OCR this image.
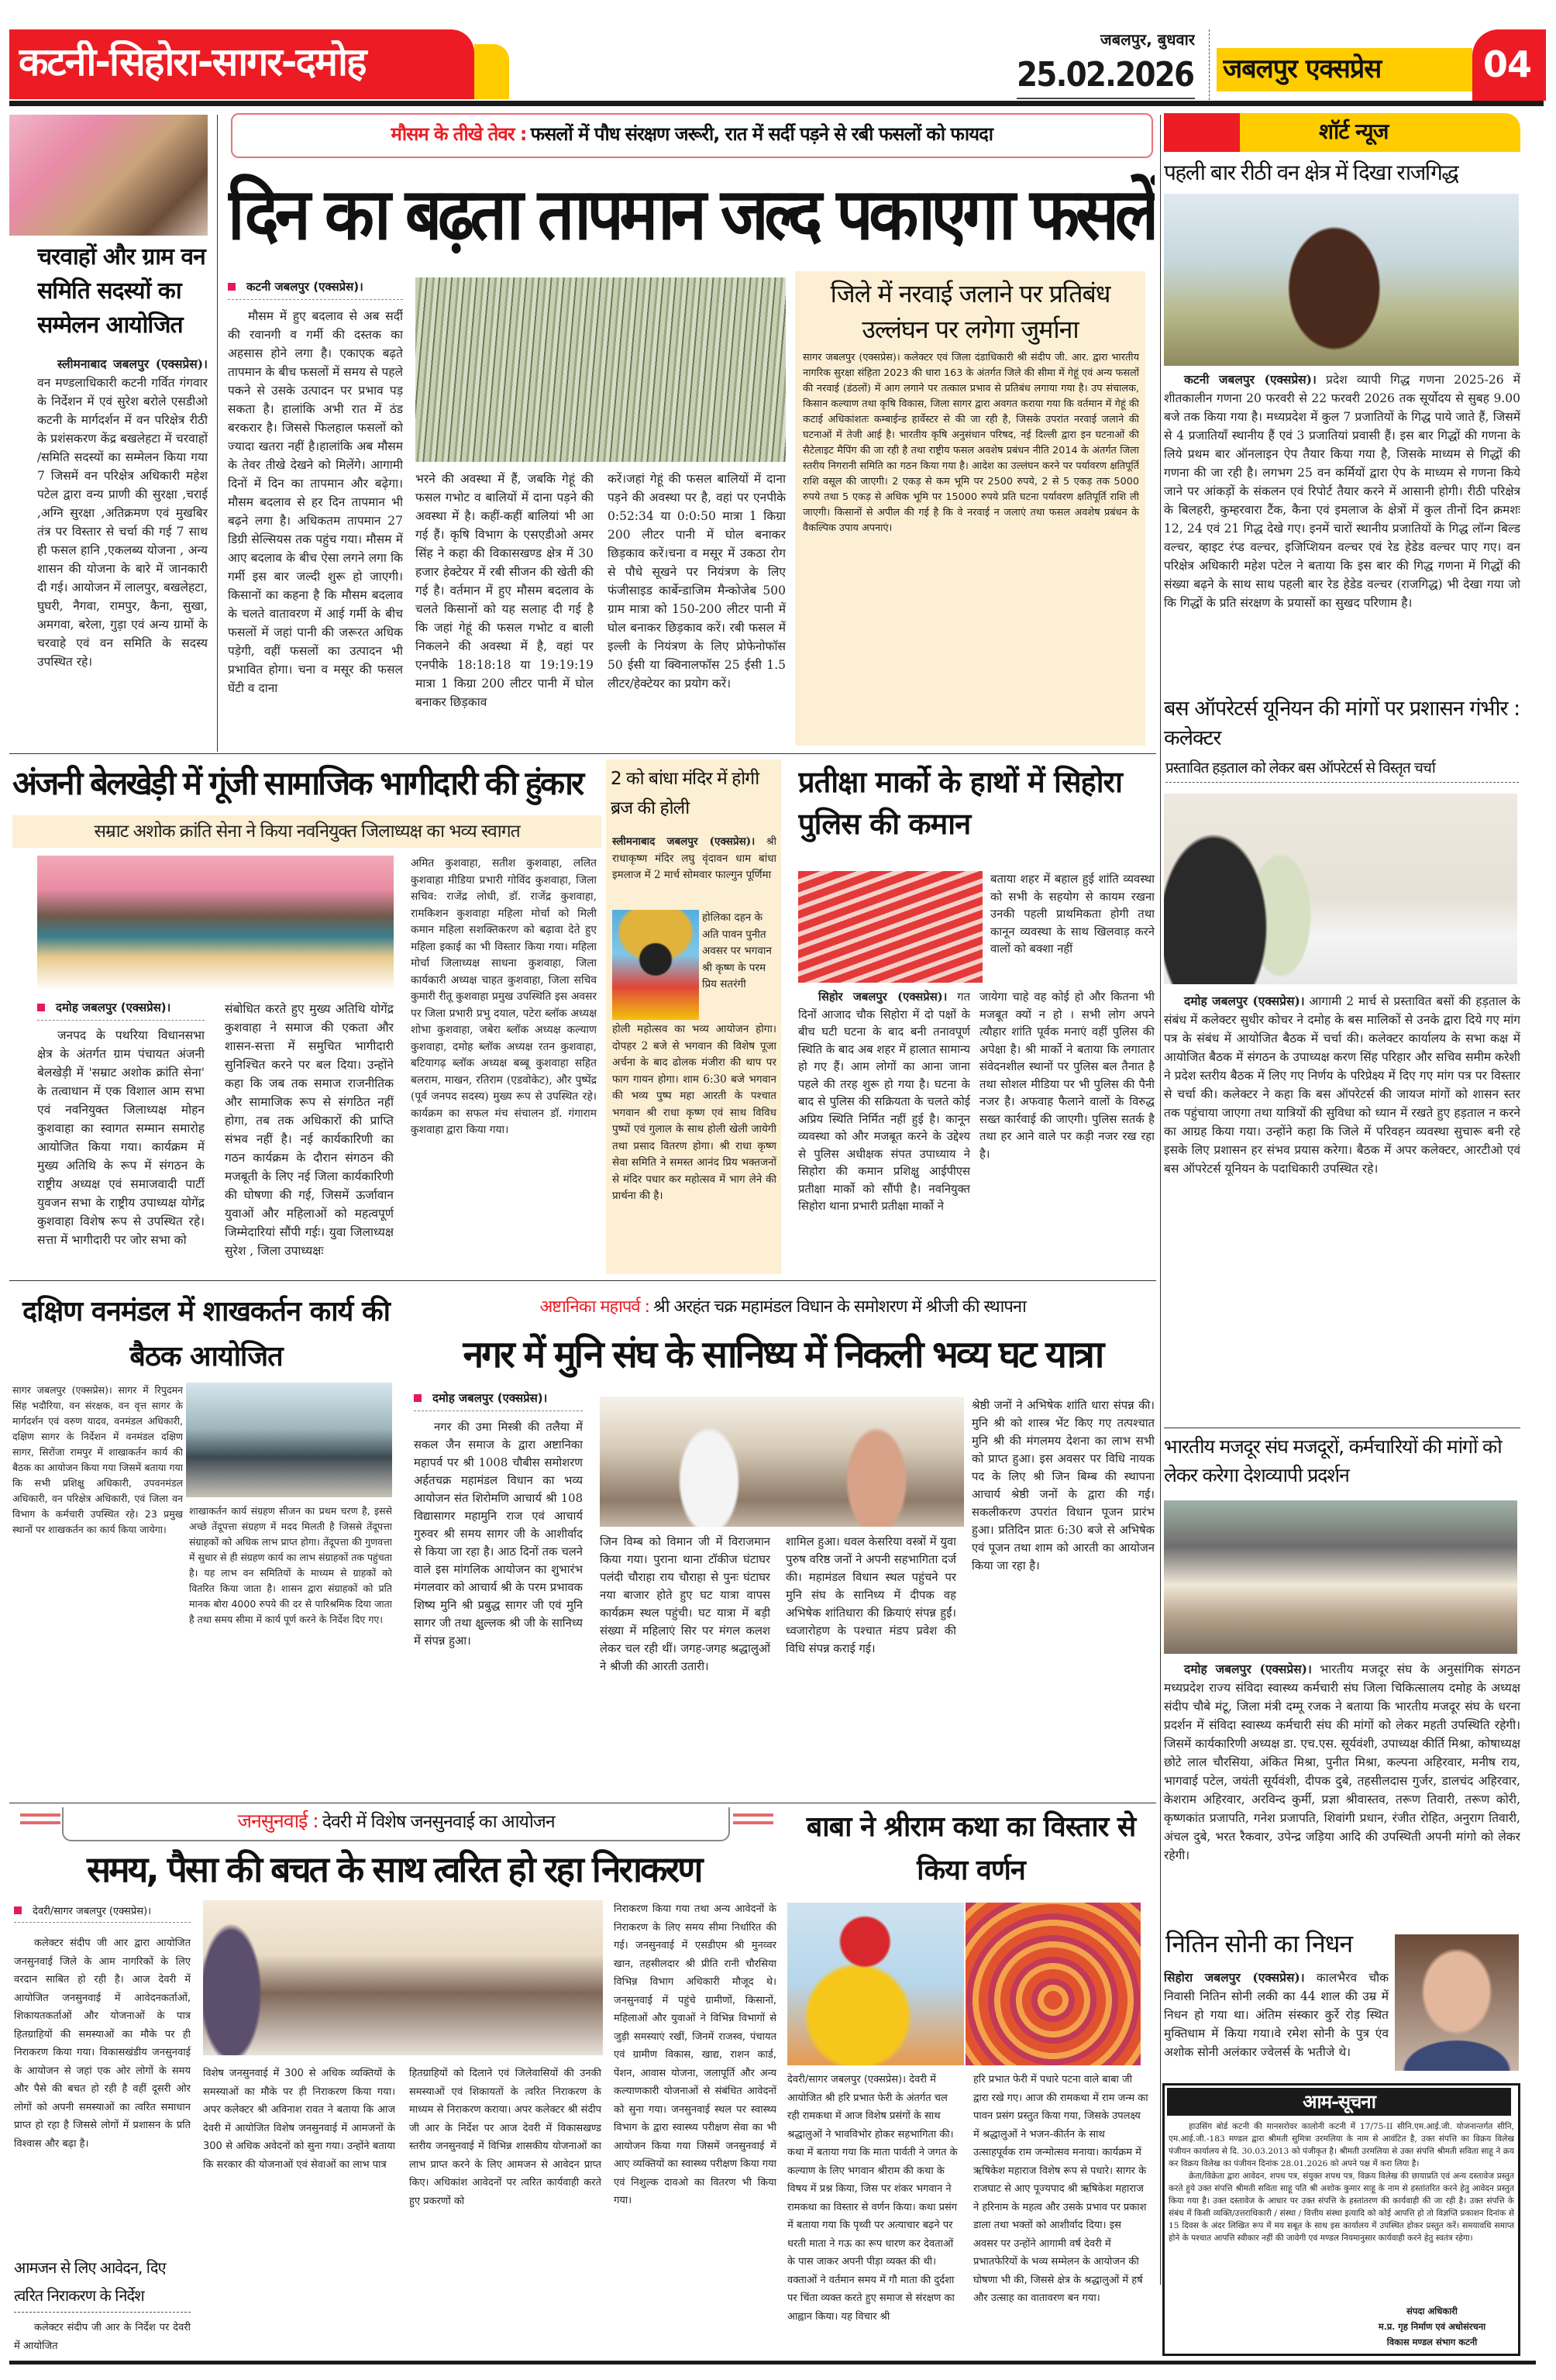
कटनी-सिहोरा-सागर-दमोह	जबलपुर, बुधवार
25.02.2026 जबलपुर एक्सप्रेस	04
चरवाहों और ग्राम वन समिति सदस्यों का सम्मेलन आयोजित

स्लीमनाबाद जबलपुर (एक्सप्रेस)। वन मण्डलाधिकारी कटनी गर्वित गंगवार के निर्देशन में एवं सुरेश बरोले एसडीओ कटनी के मार्गदर्शन में वन परिक्षेत्र रीठी के प्रशंसकरण केंद्र बखलेहटा में चरवाहों /समिति सदस्यों का सम्मेलन किया गया 7 जिसमें वन परिक्षेत्र अधिकारी महेश पटेल द्वारा वन्य प्राणी की सुरक्षा ,चराई ,अग्नि सुरक्षा ,अतिक्रमण एवं मुखबिर तंत्र पर विस्तार से चर्चा की गई 7 साथ ही फसल हानि ,एकलब्य योजना , अन्य शासन की योजना के बारे में जानकारी दी गई। आयोजन में लालपुर, बखलेहटा, घुघरी, नैगवा, रामपुर, कैना, सुखा, अमगवा, बरेला, गुड़ा एवं अन्य ग्रामों के चरवाहे एवं वन समिति के सदस्य उपस्थित रहे।

मौसम के तीखे तेवर : फसलों में पौध संरक्षण जरूरी, रात में सर्दी पड़ने से रबी फसलों को फायदा
दिन का बढ़ता तापमान जल्द पकाएगा फसलें
कटनी जबलपुर (एक्सप्रेस)।

मौसम में हुए बदलाव से अब सर्दी की रवानगी व गर्मी की दस्तक का अहसास होने लगा है। एकाएक बढ़ते तापमान के बीच फसलों में समय से पहले पकने से उसके उत्पादन पर प्रभाव पड़ सकता है। हालांकि अभी रात में ठंड बरकरार है। जिससे फिलहाल फसलों को ज्यादा खतरा नहीं है।हालांकि अब मौसम के तेवर तीखे देखने को मिलेंगे। आगामी दिनों में दिन का तापमान और बढ़ेगा।मौसम बदलाव से हर दिन तापमान भी बढ़ने लगा है। अधिकतम तापमान 27 डिग्री सेल्सियस तक पहुंच गया। मौसम में आए बदलाव के बीच ऐसा लगने लगा कि गर्मी इस बार जल्दी शुरू हो जाएगी। किसानों का कहना है कि मौसम बदलाव के चलते वातावरण में आई गर्मी के बीच फसलों में जहां पानी की जरूरत अधिक पड़ेगी, वहीं फसलों का उत्पादन भी प्रभावित होगा। चना व मसूर की फसल घेंटी व दाना

भरने की अवस्था में हैं, जबकि गेहूं की फसल गभोट व बालियों में दाना पड़ने की अवस्था में है। कहीं-कहीं बालियां भी आ गई हैं। कृषि विभाग के एसएडीओ अमर सिंह ने कहा की विकासखण्ड क्षेत्र में 30 हजार हेक्टेयर में रबी सीजन की खेती की गई है। वर्तमान में हुए मौसम बदलाव के चलते किसानों को यह सलाह दी गई है कि जहां गेहूं की फसल गभोट व बाली निकलने की अवस्था में है, वहां पर एनपीके 18:18:18 या 19:19:19 मात्रा 1 किग्रा 200 लीटर पानी में घोल बनाकर छिड़काव

करें।जहां गेहूं की फसल बालियों में दाना पड़ने की अवस्था पर है, वहां पर एनपीके 0:52:34 या 0:0:50 मात्रा 1 किग्रा 200 लीटर पानी में घोल बनाकर छिड़काव करें।चना व मसूर में उकठा रोग से पौधे सूखने पर नियंत्रण के लिए फंजीसाइड कार्बेन्डाजिम मैन्कोजेब 500 ग्राम मात्रा को 150-200 लीटर पानी में घोल बनाकर छिड़काव करें। रबी फसल में इल्ली के नियंत्रण के लिए प्रोफेनोफॉस 50 ईसी या क्विनालफॉस 25 ईसी 1.5 लीटर/हेक्टेयर का प्रयोग करें।

जिले में नरवाई जलाने पर प्रतिबंध उल्लंघन पर लगेगा जुर्माना

सागर जबलपुर (एक्सप्रेस)। कलेक्टर एवं जिला दंडाधिकारी श्री संदीप जी. आर. द्वारा भारतीय नागरिक सुरक्षा संहिता 2023 की धारा 163 के अंतर्गत जिले की सीमा में गेहूं एवं अन्य फसलों की नरवाई (डंठलों) में आग लगाने पर तत्काल प्रभाव से प्रतिबंध लगाया गया है। उप संचालक, किसान कल्याण तथा कृषि विकास, जिला सागर द्वारा अवगत कराया गया कि वर्तमान में गेहूं की कटाई अधिकांशतः कम्बाईन्ड हार्वेस्टर से की जा रही है, जिसके उपरांत नरवाई जलाने की घटनाओं में तेजी आई है। भारतीय कृषि अनुसंधान परिषद, नई दिल्ली द्वारा इन घटनाओं की सैटेलाइट मैपिंग की जा रही है तथा राष्ट्रीय फसल अवशेष प्रबंधन नीति 2014 के अंतर्गत जिला स्तरीय निगरानी समिति का गठन किया गया है। आदेश का उल्लंघन करने पर पर्यावरण क्षतिपूर्ति राशि वसूल की जाएगी। 2 एकड़ से कम भूमि पर 2500 रुपये, 2 से 5 एकड़ तक 5000 रुपये तथा 5 एकड़ से अधिक भूमि पर 15000 रुपये प्रति घटना पर्यावरण क्षतिपूर्ति राशि ली जाएगी। किसानों से अपील की गई है कि वे नरवाई न जलाएं तथा फसल अवशेष प्रबंधन के वैकल्पिक उपाय अपनाएं।

शॉर्ट न्यूज
पहली बार रीठी वन क्षेत्र में दिखा राजगिद्ध

कटनी जबलपुर (एक्सप्रेस)। प्रदेश व्यापी गिद्ध गणना 2025-26 में शीतकालीन गणना 20 फरवरी से 22 फरवरी 2026 तक सूर्योदय से सुबह 9.00 बजे तक किया गया है। मध्यप्रदेश में कुल 7 प्रजातियों के गिद्ध पाये जाते हैं, जिसमें से 4 प्रजातियाँ स्थानीय हैं एवं 3 प्रजातियां प्रवासी हैं। इस बार गिद्धों की गणना के लिये प्रथम बार ऑनलाइन ऐप तैयार किया गया है, जिसके माध्यम से गिद्धों की गणना की जा रही है। लगभग 25 वन कर्मियों द्वारा ऐप के माध्यम से गणना किये जाने पर आंकड़ों के संकलन एवं रिपोर्ट तैयार करने में आसानी होगी। रीठी परिक्षेत्र के बिलहरी, कुम्हरवारा टैंक, कैना एवं इमलाज के क्षेत्रों में कुल तीनों दिन क्रमशः 12, 24 एवं 21 गिद्ध देखे गए। इनमें चारों स्थानीय प्रजातियों के गिद्ध लॉन्ग बिल्ड वल्चर, व्हाइट रंप्ड वल्चर, इजिप्शियन वल्चर एवं रेड हेडेड वल्चर पाए गए। वन परिक्षेत्र अधिकारी महेश पटेल ने बताया कि इस बार की गिद्ध गणना में गिद्धों की संख्या बढ़ने के साथ साथ पहली बार रेड हेडेड वल्चर (राजगिद्ध) भी देखा गया जो कि गिद्धों के प्रति संरक्षण के प्रयासों का सुखद परिणाम है।

बस ऑपरेटर्स यूनियन की मांगों पर प्रशासन गंभीर : कलेक्टर
प्रस्तावित हड़ताल को लेकर बस ऑपरेटर्स से विस्तृत चर्चा

दमोह जबलपुर (एक्सप्रेस)। आगामी 2 मार्च से प्रस्तावित बसों की हड़ताल के संबंध में कलेक्टर सुधीर कोचर ने दमोह के बस मालिकों से उनके द्वारा दिये गए मांग पत्र के संबंध में आयोजित बैठक में चर्चा की। कलेक्टर कार्यालय के सभा कक्ष में आयोजित बैठक में संगठन के उपाध्यक्ष करण सिंह परिहार और सचिव समीम करेशी ने प्रदेश स्तरीय बैठक में लिए गए निर्णय के परिप्रेक्ष्य में दिए गए मांग पत्र पर विस्तार से चर्चा की। कलेक्टर ने कहा कि बस ऑपरेटर्स की जायज मांगों को शासन स्तर तक पहुंचाया जाएगा तथा यात्रियों की सुविधा को ध्यान में रखते हुए हड़ताल न करने का आग्रह किया गया। उन्होंने कहा कि जिले में परिवहन व्यवस्था सुचारू बनी रहे इसके लिए प्रशासन हर संभव प्रयास करेगा। बैठक में अपर कलेक्टर, आरटीओ एवं बस ऑपरेटर्स यूनियन के पदाधिकारी उपस्थित रहे।

भारतीय मजदूर संघ मजदूरों, कर्मचारियों की मांगों को लेकर करेगा देशव्यापी प्रदर्शन

दमोह जबलपुर (एक्सप्रेस)। भारतीय मजदूर संघ के अनुसांगिक संगठन मध्यप्रदेश राज्य संविदा स्वास्थ्य कर्मचारी संघ जिला चिकित्सालय दमोह के अध्यक्ष संदीप चौबे मंटू, जिला मंत्री दम्मू रजक ने बताया कि भारतीय मजदूर संघ के धरना प्रदर्शन में संविदा स्वास्थ्य कर्मचारी संघ की मांगों को लेकर महती उपस्थिति रहेगी। जिसमें कार्यकारिणी अध्यक्ष डा. एच.एस. सूर्यवंशी, उपाध्यक्ष कीर्ति मिश्रा, कोषाध्यक्ष छोटे लाल चौरसिया, अंकित मिश्रा, पुनीत मिश्रा, कल्पना अहिरवार, मनीष राय, भागवाई पटेल, जयंती सूर्यवंशी, दीपक दुबे, तहसीलदास गुर्जर, डालचंद अहिरवार, केशराम अहिरवार, अरविन्द कुर्मी, प्रज्ञा श्रीवास्तव, तरूण तिवारी, तरूण कोरी, कृष्णकांत प्रजापति, गनेश प्रजापति, शिवांगी प्रधान, रंजीत रोहित, अनुराग तिवारी, अंचल दुबे, भरत रैकवार, उपेन्द्र जड़िया आदि की उपस्थिती अपनी मांगो को लेकर रहेगी।

नितिन सोनी का निधन

सिहोरा जबलपुर (एक्सप्रेस)। कालभैरव चौक निवासी नितिन सोनी लकी का 44 शाल की उम्र में निधन हो गया था। अंतिम संस्कार कुर्रे रोड़ स्थित मुक्तिधाम में किया गया।वे रमेश सोनी के पुत्र एंव अशोक सोनी अलंकार ज्वेलर्स के भतीजे थे।

आम-सूचना

हाउसिंग बोर्ड कटनी की मानसरोवर कालोनी कटनी में 17/75-II सीनि.एम.आई.जी. योजनान्तर्गत सीनि, एम.आई.जी.-183 मण्डल द्वारा श्रीमती सुमित्रा उरमलिया के नाम से आवंटित है, उक्त संपत्ति का विक्रय विलेख पंजीयन कार्यालय से दि. 30.03.2013 को पंजीकृत है। श्रीमती उरमलिया से उक्त संपत्ति श्रीमती सविता साहू ने क्रय कर विक्रय विलेख का पंजीयन दिनांक 28.01.2026 को अपने पक्ष में करा लिया है।

क्रेता/विक्रेता द्वारा आवेदन, शपथ पत्र, संयुक्त शपथ पत्र, विक्रय विलेख की छायाप्रति एवं अन्य दस्तावेज प्रस्तुत करते हुये उक्त संपत्ति श्रीमती सविता साहू पति श्री अशोक कुमार साहू के नाम से हस्तांतरित करने हेतु आवेदन प्रस्तुत किया गया है। उक्त दस्तावेज के आधार पर उक्त संपत्ति के हस्तांतरण की कार्यवाही की जा रही है। उक्त संपत्ति के संबंध में किसी व्यक्ति/उत्तराधिकारी / संस्था / वित्तीय संस्था इत्यादि को कोई आपत्ति हो तो विज्ञप्ति प्रकाशन दिनांक से 15 दिवस के अंदर लिखित रूप में मय सबूत के साथ इस कार्यालय में उपस्थित होकर प्रस्तुत करें। समयावधि समाप्त होने के पश्चात आपत्ति स्वीकार नहीं की जावेगी एवं मण्डल नियमानुसार कार्यवाही करने हेतु स्वतंत्र रहेगा।

संपदा अधिकारी
म.प्र. गृह निर्माण एवं अधोसंरचना
विकास मण्डल संभाग कटनी
अंजनी बेलखेड़ी में गूंजी सामाजिक भागीदारी की हुंकार
सम्राट अशोक क्रांति सेना ने किया नवनियुक्त जिलाध्यक्ष का भव्य स्वागत
दमोह जबलपुर (एक्सप्रेस)।

जनपद के पथरिया विधानसभा क्षेत्र के अंतर्गत ग्राम पंचायत अंजनी बेलखेड़ी में 'सम्राट अशोक क्रांति सेना' के तत्वाधान में एक विशाल आम सभा एवं नवनियुक्त जिलाध्यक्ष मोहन कुशवाहा का स्वागत सम्मान समारोह आयोजित किया गया। कार्यक्रम में मुख्य अतिथि के रूप में संगठन के राष्ट्रीय अध्यक्ष एवं समाजवादी पार्टी युवजन सभा के राष्ट्रीय उपाध्यक्ष योगेंद्र कुशवाहा विशेष रूप से उपस्थित रहे। सत्ता में भागीदारी पर जोर सभा को

संबोधित करते हुए मुख्य अतिथि योगेंद्र कुशवाहा ने समाज की एकता और शासन-सत्ता में समुचित भागीदारी सुनिश्चित करने पर बल दिया। उन्होंने कहा कि जब तक समाज राजनीतिक और सामाजिक रूप से संगठित नहीं होगा, तब तक अधिकारों की प्राप्ति संभव नहीं है। नई कार्यकारिणी का गठन कार्यक्रम के दौरान संगठन की मजबूती के लिए नई जिला कार्यकारिणी की घोषणा की गई, जिसमें ऊर्जावान युवाओं और महिलाओं को महत्वपूर्ण जिम्मेदारियां सौंपी गईः। युवा जिलाध्यक्ष सुरेश , जिला उपाध्यक्षः

अमित कुशवाहा, सतीश कुशवाहा, ललित कुशवाहा मीडिया प्रभारी गोविंद कुशवाहा, जिला सचिव: राजेंद्र लोधी, डॉ. राजेंद्र कुशवाहा, रामकिशन कुशवाहा महिला मोर्चा को मिली कमान महिला सशक्तिकरण को बढ़ावा देते हुए महिला इकाई का भी विस्तार किया गया। महिला मोर्चा जिलाध्यक्ष साधना कुशवाहा, जिला कार्यकारी अध्यक्ष चाहत कुशवाहा, जिला सचिव कुमारी रीतू कुशवाहा प्रमुख उपस्थिति इस अवसर पर जिला प्रभारी प्रभु दयाल, पटेरा ब्लॉक अध्यक्ष शोभा कुशवाहा, जबेरा ब्लॉक अध्यक्ष कल्याण कुशवाहा, दमोह ब्लॉक अध्यक्ष रतन कुशवाहा, बटियागढ़ ब्लॉक अध्यक्ष बब्बू कुशवाहा सहित बलराम, माखन, रतिराम (एडवोकेट), और पुष्पेंद्र (पूर्व जनपद सदस्य) मुख्य रूप से उपस्थित रहे। कार्यक्रम का सफल मंच संचालन डॉ. गंगाराम कुशवाहा द्वारा किया गया।

2 को बांधा मंदिर में होगी ब्रज की होली

स्लीमनाबाद जबलपुर (एक्सप्रेस)। श्री राधाकृष्ण मंदिर लघु वृंदावन धाम बांधा इमलाज में 2 मार्च सोमवार फाल्गुन पूर्णिमा

होलिका दहन के अति पावन पुनीत अवसर पर भगवान श्री कृष्ण के परम प्रिय सतरंगी

होली महोत्सव का भव्य आयोजन होगा। दोपहर 2 बजे से भगवान की विशेष पूजा अर्चना के बाद ढोलक मंजीरा की थाप पर फाग गायन होगा। शाम 6:30 बजे भगवान की भव्य पुष्प महा आरती के पश्चात भगवान श्री राधा कृष्ण एवं साथ विविध पुष्पों एवं गुलाल के साथ होली खेली जायेगी तथा प्रसाद वितरण होगा। श्री राधा कृष्ण सेवा समिति ने समस्त आनंद प्रिय भक्तजनों से मंदिर पधार कर महोत्सव में भाग लेने की प्रार्थना की है।

प्रतीक्षा मार्को के हाथों में सिहोरा पुलिस की कमान

बताया शहर में बहाल हुई शांति व्यवस्था को सभी के सहयोग से कायम रखना उनकी पहली प्राथमिकता होगी तथा कानून व्यवस्था के साथ खिलवाड़ करने वालों को बक्शा नहीं

सिहोर जबलपुर (एक्सप्रेस)। गत दिनों आजाद चौक सिहोरा में दो पक्षों के बीच घटी घटना के बाद बनी तनावपूर्ण स्थिति के बाद अब शहर में हालात सामान्य हो गए हैं। आम लोगों का आना जाना पहले की तरह शुरू हो गया है। घटना के बाद से पुलिस की सक्रियता के चलते कोई अप्रिय स्थिति निर्मित नहीं हुई है। कानून व्यवस्था को और मजबूत करने के उद्देश्य से पुलिस अधीक्षक संपत उपाध्याय ने सिहोरा की कमान प्रशिक्षु आईपीएस प्रतीक्षा मार्को को सौंपी है। नवनियुक्त सिहोरा थाना प्रभारी प्रतीक्षा मार्को ने

जायेगा चाहे वह कोई हो और कितना भी मजबूत क्यों न हो । सभी लोग अपने त्यौहार शांति पूर्वक मनाएं वहीं पुलिस की अपेक्षा है। श्री मार्को ने बताया कि लगातार संवेदनशील स्थानों पर पुलिस बल तैनात है तथा सोशल मीडिया पर भी पुलिस की पैनी नजर है। अफवाह फैलाने वालों के विरुद्ध सख्त कार्रवाई की जाएगी। पुलिस सतर्क है तथा हर आने वाले पर कड़ी नजर रख रहा है।

दक्षिण वनमंडल में शाखकर्तन कार्य की बैठक आयोजित

सागर जबलपुर (एक्सप्रेस)। सागर में रिपुदमन सिंह भदौरिया, वन संरक्षक, वन वृत्त सागर के मार्गदर्शन एवं वरुण यादव, वनमंडल अधिकारी, दक्षिण सागर के निर्देशन में वनमंडल दक्षिण सागर, सिरोंजा रामपुर में शाखाकर्तन कार्य की बैठक का आयोजन किया गया जिसमें बताया गया कि सभी प्रशिक्षु अधिकारी, उपवनमंडल अधिकारी, वन परिक्षेत्र अधिकारी, एवं जिला वन विभाग के कर्मचारी उपस्थित रहे। 23 प्रमुख स्थानों पर शाखकर्तन का कार्य किया जायेगा।

शाखाकर्तन कार्य संग्रहण सीजन का प्रथम चरण है, इससे अच्छे तेंदूपत्ता संग्रहण में मदद मिलती है जिससे तेंदूपत्ता संग्राहकों को अधिक लाभ प्राप्त होगा। तेंदूपत्ता की गुणवत्ता में सुधार से ही संग्रहण कार्य का लाभ संग्राहकों तक पहुंचता है। यह लाभ वन समितियों के माध्यम से ग्राहकों को वितरित किया जाता है। शासन द्वारा संग्राहकों को प्रति मानक बोरा 4000 रुपये की दर से पारिश्रमिक दिया जाता है तथा समय सीमा में कार्य पूर्ण करने के निर्देश दिए गए।

अष्टानिका महापर्व : श्री अरहंत चक्र महामंडल विधान के समोशरण में श्रीजी की स्थापना
नगर में मुनि संघ के सानिध्य में निकली भव्य घट यात्रा
दमोह जबलपुर (एक्सप्रेस)।

नगर की उमा मिस्त्री की तलैया में सकल जैन समाज के द्वारा अष्टानिका महापर्व पर श्री 1008 चौबीस समोशरण अर्हतचक्र महामंडल विधान का भव्य आयोजन संत शिरोमणि आचार्य श्री 108 विद्यासागर महामुनि राज एवं आचार्य गुरुवर श्री समय सागर जी के आशीर्वाद से किया जा रहा है। आठ दिनों तक चलने वाले इस मांगलिक आयोजन का शुभारंभ मंगलवार को आचार्य श्री के परम प्रभावक शिष्य मुनि श्री प्रबुद्ध सागर जी एवं मुनि सागर जी तथा क्षुल्लक श्री जी के सानिध्य में संपन्न हुआ।

जिन विम्ब को विमान जी में विराजमान किया गया। पुराना थाना टॉकीज घंटाघर पलंदी चौराहा राय चौराहा से पुनः घंटाघर नया बाजार होते हुए घट यात्रा वापस कार्यक्रम स्थल पहुंची। घट यात्रा में बड़ी संख्या में महिलाएं सिर पर मंगल कलश लेकर चल रही थीं। जगह-जगह श्रद्धालुओं ने श्रीजी की आरती उतारी।

शामिल हुआ। धवल केसरिया वस्त्रों में युवा पुरुष वरिष्ठ जनों ने अपनी सहभागिता दर्ज की। महामंडल विधान स्थल पहुंचने पर मुनि संघ के सानिध्य में दीपक वह अभिषेक शांतिधारा की क्रियाएं संपन्न हुईं। ध्वजारोहण के पश्चात मंडप प्रवेश की विधि संपन्न कराई गई।

श्रेष्ठी जनों ने अभिषेक शांति धारा संपन्न की। मुनि श्री को शास्त्र भेंट किए गए तत्पश्चात मुनि श्री की मंगलमय देशना का लाभ सभी को प्राप्त हुआ। इस अवसर पर विधि नायक पद के लिए श्री जिन बिम्ब की स्थापना आचार्य श्रेष्ठी जनों के द्वारा की गई। सकलीकरण उपरांत विधान पूजन प्रारंभ हुआ। प्रतिदिन प्रातः 6:30 बजे से अभिषेक एवं पूजन तथा शाम को आरती का आयोजन किया जा रहा है।

जनसुनवाई : देवरी में विशेष जनसुनवाई का आयोजन
समय, पैसा की बचत के साथ त्वरित हो रहा निराकरण
देवरी/सागर जबलपुर (एक्सप्रेस)।

कलेक्टर संदीप जी आर द्वारा आयोजित जनसुनवाई जिले के आम नागरिकों के लिए वरदान साबित हो रही है। आज देवरी में आयोजित जनसुनवाई में आवेदनकर्ताओं, शिकायतकर्ताओं और योजनाओं के पात्र हितग्राहियों की समस्याओं का मौके पर ही निराकरण किया गया। विकासखंडीय जनसुनवाई के आयोजन से जहां एक ओर लोगों के समय और पैसे की बचत हो रही है वहीं दूसरी ओर लोगों को अपनी समस्याओं का त्वरित समाधान प्राप्त हो रहा है जिससे लोगों में प्रशासन के प्रति विश्वास और बढ़ा है।

आमजन से लिए आवेदन, दिए त्वरित निराकरण के निर्देश

कलेक्टर संदीप जी आर के निर्देश पर देवरी में आयोजित

विशेष जनसुनवाई में 300 से अधिक व्यक्तियों के समस्याओं का मौके पर ही निराकरण किया गया। अपर कलेक्टर श्री अविनाश रावत ने बताया कि आज देवरी में आयोजित विशेष जनसुनवाई में आमजनों के 300 से अधिक अवेदनों को सुना गया। उन्होंने बताया कि सरकार की योजनाओं एवं सेवाओं का लाभ पात्र

हितग्राहियों को दिलाने एवं जिलेवासियों की उनकी समस्याओं एवं शिकायतों के त्वरित निराकरण के माध्यम से निराकरण कराया। अपर कलेक्टर श्री संदीप जी आर के निर्देश पर आज देवरी में विकासखण्ड स्तरीय जनसुनवाई में विभिन्न शासकीय योजनाओं का लाभ प्राप्त करने के लिए आमजन से आवेदन प्राप्त किए। अधिकांश आवेदनों पर त्वरित कार्यवाही करते हुए प्रकरणों को

निराकरण किया गया तथा अन्य आवेदनों के निराकरण के लिए समय सीमा निर्धारित की गई। जनसुनवाई में एसडीएम श्री मुनव्वर खान, तहसीलदार श्री प्रीति रानी चौरसिया विभिन्न विभाग अधिकारी मौजूद थे। जनसुनवाई में पहुंचे ग्रामीणों, किसानों, महिलाओं और युवाओं ने विभिन्न विभागों से जुड़ी समस्याएं रखीं, जिनमें राजस्व, पंचायत एवं ग्रामीण विकास, खाद्य, राशन कार्ड, पेंशन, आवास योजना, जलापूर्ति और अन्य कल्याणकारी योजनाओं से संबंधित आवेदनों को सुना गया। जनसुनवाई स्थल पर स्वास्थ्य विभाग के द्वारा स्वास्थ्य परीक्षण सेवा का भी आयोजन किया गया जिसमें जनसुनवाई में आए व्यक्तियों का स्वास्थ्य परीक्षण किया गया एवं निशुल्क दावओ का वितरण भी किया गया।

बाबा ने श्रीराम कथा का विस्तार से किया वर्णन

देवरी/सागर जबलपुर (एक्सप्रेस)। देवरी में आयोजित श्री हरि प्रभात फेरी के अंतर्गत चल रही रामकथा में आज विशेष प्रसंगों के साथ श्रद्धालुओं ने भावविभोर होकर सहभागिता की। कथा में बताया गया कि माता पार्वती ने जगत के कल्याण के लिए भगवान श्रीराम की कथा के विषय में प्रश्न किया, जिस पर शंकर भगवान ने रामकथा का विस्तार से वर्णन किया। कथा प्रसंग में बताया गया कि पृथ्वी पर अत्याचार बढ़ने पर धरती माता ने गऊ का रूप धारण कर देवताओं के पास जाकर अपनी पीड़ा व्यक्त की थी। वक्ताओं ने वर्तमान समय में गौ माता की दुर्दशा पर चिंता व्यक्त करते हुए समाज से संरक्षण का आह्वान किया। यह विचार श्री

हरि प्रभात फेरी में पधारे पटना वाले बाबा जी द्वारा रखे गए। आज की रामकथा में राम जन्म का पावन प्रसंग प्रस्तुत किया गया, जिसके उपलक्ष्य में श्रद्धालुओं ने भजन-कीर्तन के साथ उत्साहपूर्वक राम जन्मोत्सव मनाया। कार्यक्रम में ऋषिकेश महाराज विशेष रूप से पधारे। सागर के राजघाट से आए पूज्यपाद श्री ऋषिकेश महाराज ने हरिनाम के महत्व और उसके प्रभाव पर प्रकाश डाला तथा भक्तों को आशीर्वाद दिया। इस अवसर पर उन्होंने आगामी वर्ष देवरी में प्रभातफेरियों के भव्य सम्मेलन के आयोजन की घोषणा भी की, जिससे क्षेत्र के श्रद्धालुओं में हर्ष और उत्साह का वातावरण बन गया।
